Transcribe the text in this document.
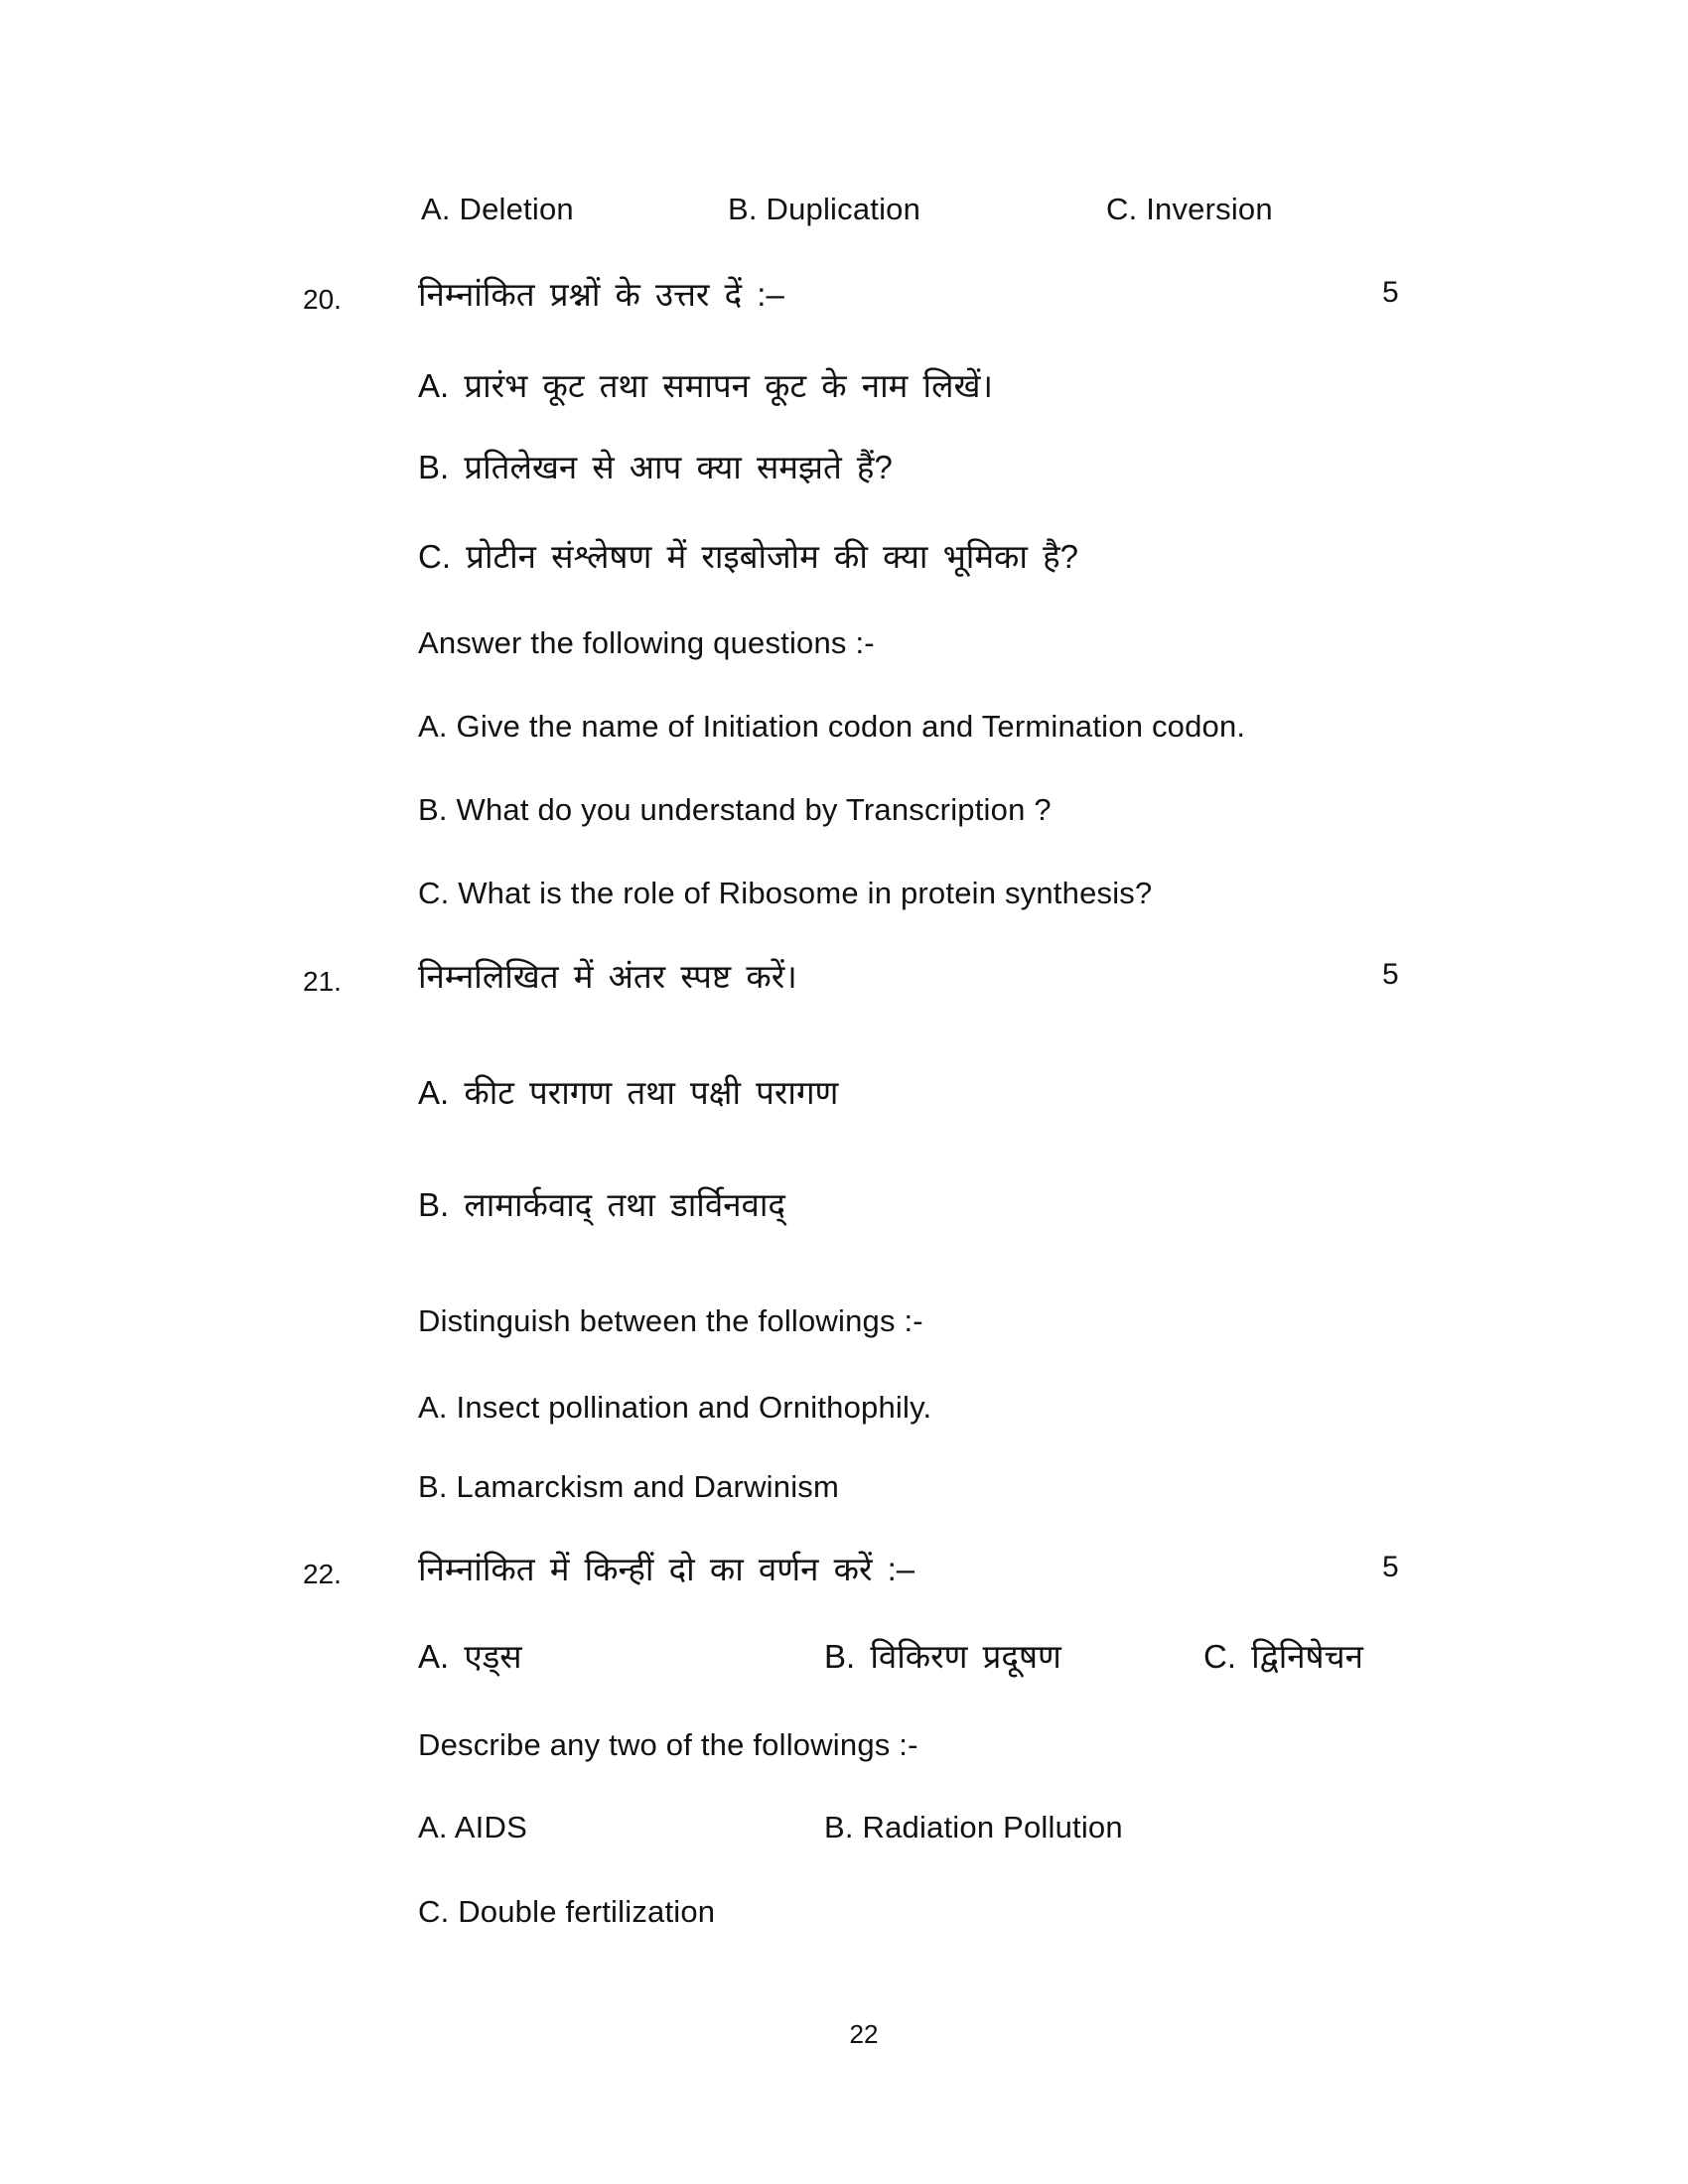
A. Deletion	B. Duplication	C. Inversion
20. निम्नांकित प्रश्नों के उत्तर दें :–	5
A. प्रारंभ कूट तथा समापन कूट के नाम लिखें।
B. प्रतिलेखन से आप क्या समझते हैं?
C. प्रोटीन संश्लेषण में राइबोजोम की क्या भूमिका है?
Answer the following questions :-
A. Give the name of Initiation codon and Termination codon.
B. What do you understand by Transcription ?
C. What is the role of Ribosome in protein synthesis?
21. निम्नलिखित में अंतर स्पष्ट करें।	5
A. कीट परागण तथा पक्षी परागण
B. लामार्कवाद् तथा डार्विनवाद्
Distinguish between the followings :-
A. Insect pollination and Ornithophily.
B. Lamarckism and Darwinism
22. निम्नांकित में किन्हीं दो का वर्णन करें :–	5
A. एड्स	B. विकिरण प्रदूषण	C. द्विनिषेचन
Describe any two of the followings :-
A. AIDS	B. Radiation Pollution
C. Double fertilization
22
